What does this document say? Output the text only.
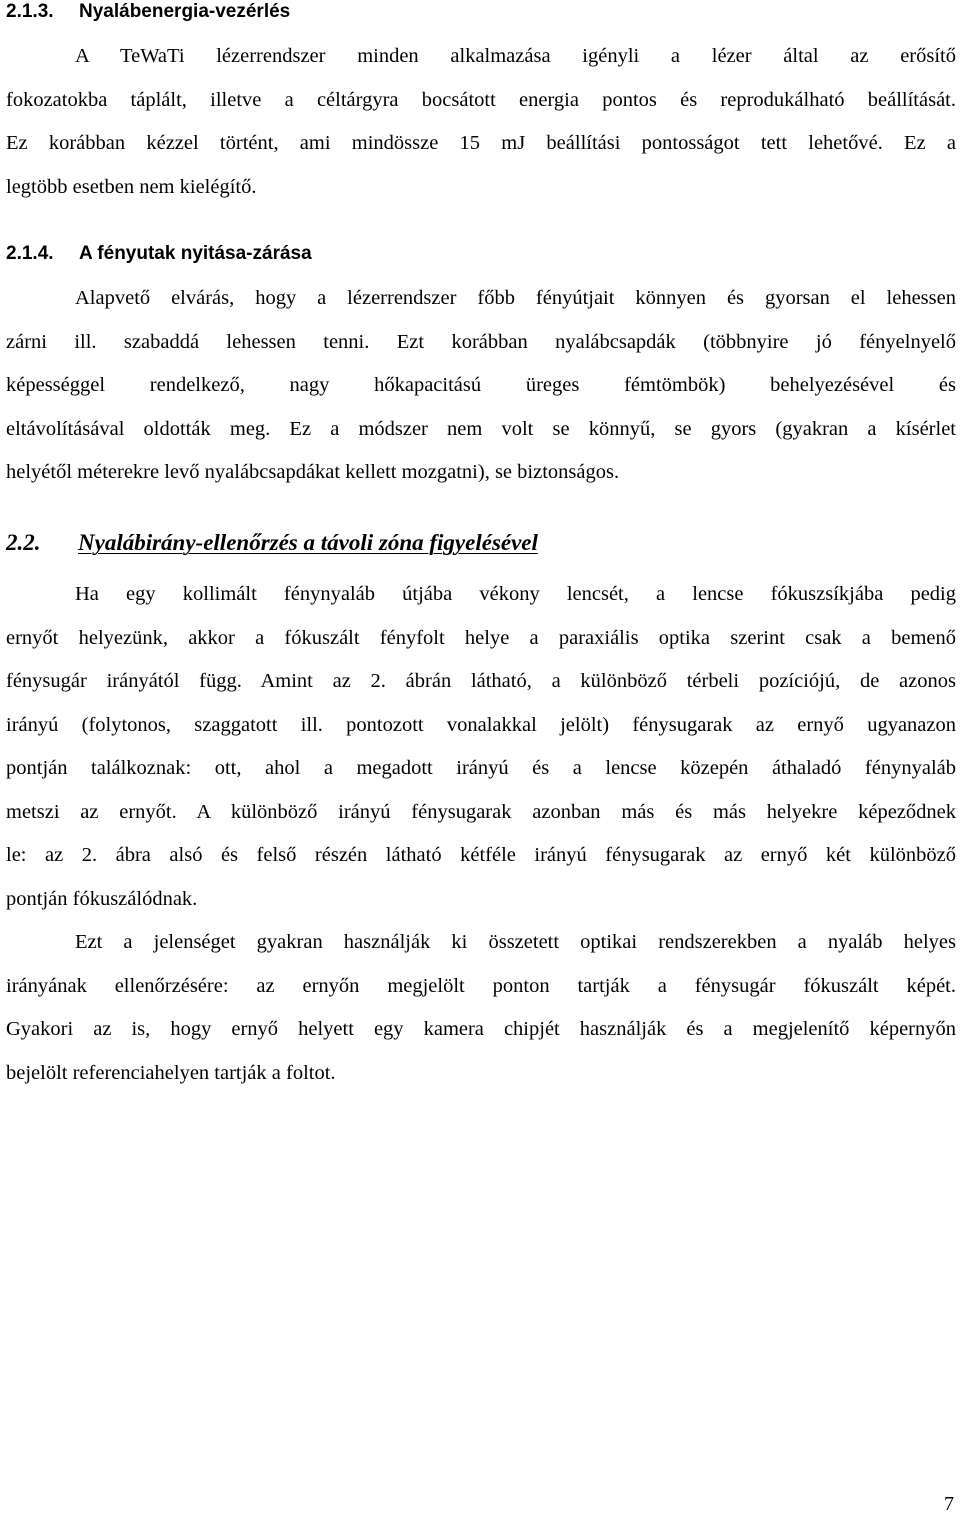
2.1.3. Nyalábenergia-vezérlés
A TeWaTi lézerrendszer minden alkalmazása igényli a lézer által az erősítő
fokozatokba táplált, illetve a céltárgyra bocsátott energia pontos és reprodukálható beállítását.
Ez korábban kézzel történt, ami mindössze 15 mJ beállítási pontosságot tett lehetővé. Ez a
legtöbb esetben nem kielégítő.
2.1.4. A fényutak nyitása-zárása
Alapvető elvárás, hogy a lézerrendszer főbb fényútjait könnyen és gyorsan el lehessen
zárni ill. szabaddá lehessen tenni. Ezt korábban nyalábcsapdák (többnyire jó fényelnyelő
képességgel rendelkező, nagy hőkapacitású üreges fémtömbök) behelyezésével és
eltávolításával oldották meg. Ez a módszer nem volt se könnyű, se gyors (gyakran a kísérlet
helyétől méterekre levő nyalábcsapdákat kellett mozgatni), se biztonságos.
2.2. Nyalábirány-ellenőrzés a távoli zóna figyelésével
Ha egy kollimált fénynyaláb útjába vékony lencsét, a lencse fókuszsíkjába pedig
ernyőt helyezünk, akkor a fókuszált fényfolt helye a paraxiális optika szerint csak a bemenő
fénysugár irányától függ. Amint az 2. ábrán látható, a különböző térbeli pozíciójú, de azonos
irányú (folytonos, szaggatott ill. pontozott vonalakkal jelölt) fénysugarak az ernyő ugyanazon
pontján találkoznak: ott, ahol a megadott irányú és a lencse közepén áthaladó fénynyaláb
metszi az ernyőt. A különböző irányú fénysugarak azonban más és más helyekre képeződnek
le: az 2. ábra alsó és felső részén látható kétféle irányú fénysugarak az ernyő két különböző
pontján fókuszálódnak.
Ezt a jelenséget gyakran használják ki összetett optikai rendszerekben a nyaláb helyes
irányának ellenőrzésére: az ernyőn megjelölt ponton tartják a fénysugár fókuszált képét.
Gyakori az is, hogy ernyő helyett egy kamera chipjét használják és a megjelenítő képernyőn
bejelölt referenciahelyen tartják a foltot.
7
